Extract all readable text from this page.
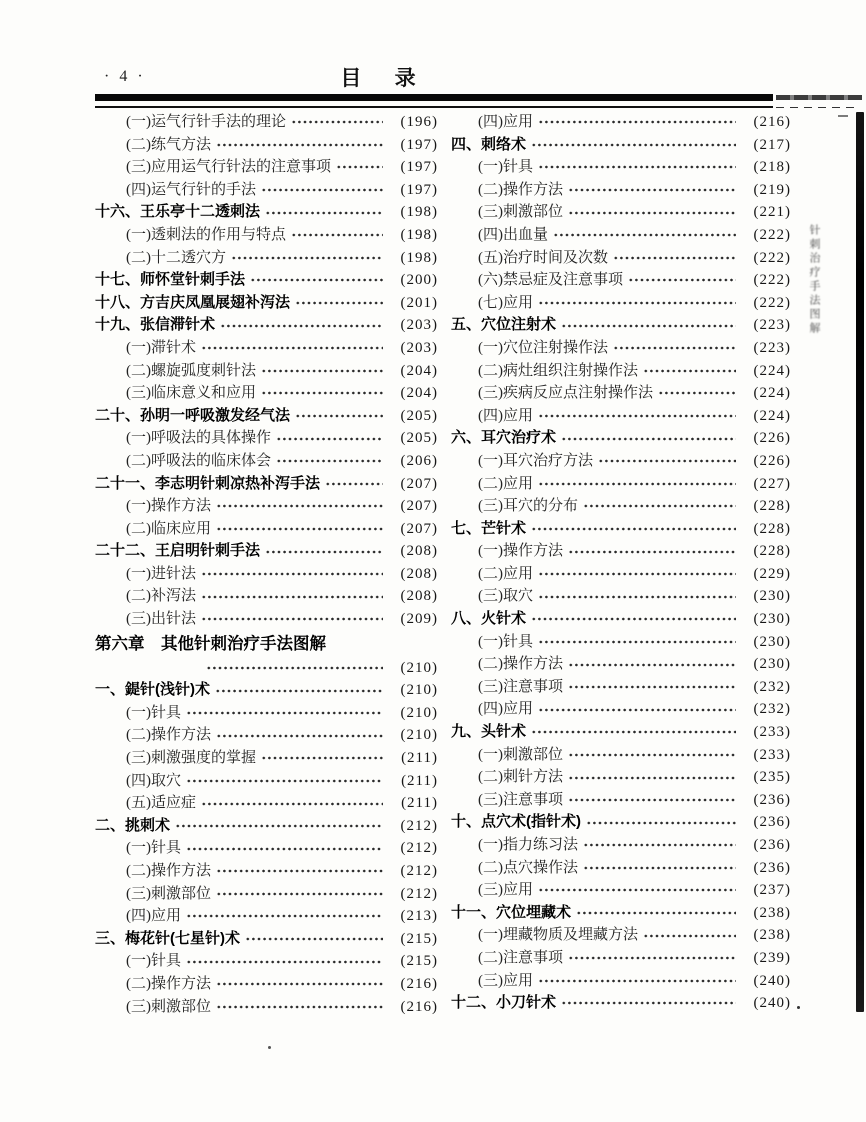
· 4 ·	目 录
(一)运气行针手法的理论	(196)
(二)练气方法	(197)
(三)应用运气行针法的注意事项	(197)
(四)运气行针的手法	(197)
十六、王乐亭十二透刺法	(198)
(一)透刺法的作用与特点	(198)
(二)十二透穴方	(198)
十七、师怀堂针刺手法	(200)
十八、方吉庆凤凰展翅补泻法	(201)
十九、张信滞针术	(203)
(一)滞针术	(203)
(二)螺旋弧度刺针法	(204)
(三)临床意义和应用	(204)
二十、孙明一呼吸激发经气法	(205)
(一)呼吸法的具体操作	(205)
(二)呼吸法的临床体会	(206)
二十一、李志明针刺凉热补泻手法	(207)
(一)操作方法	(207)
(二)临床应用	(207)
二十二、王启明针刺手法	(208)
(一)进针法	(208)
(二)补泻法	(208)
(三)出针法	(209)
第六章　其他针刺治疗手法图解
(210)
一、鍉针(浅针)术	(210)
(一)针具	(210)
(二)操作方法	(210)
(三)刺激强度的掌握	(211)
(四)取穴	(211)
(五)适应症	(211)
二、挑刺术	(212)
(一)针具	(212)
(二)操作方法	(212)
(三)刺激部位	(212)
(四)应用	(213)
三、梅花针(七星针)术	(215)
(一)针具	(215)
(二)操作方法	(216)
(三)刺激部位	(216)
(四)应用	(216)
四、刺络术	(217)
(一)针具	(218)
(二)操作方法	(219)
(三)刺激部位	(221)
(四)出血量	(222)
(五)治疗时间及次数	(222)
(六)禁忌症及注意事项	(222)
(七)应用	(222)
五、穴位注射术	(223)
(一)穴位注射操作法	(223)
(二)病灶组织注射操作法	(224)
(三)疾病反应点注射操作法	(224)
(四)应用	(224)
六、耳穴治疗术	(226)
(一)耳穴治疗方法	(226)
(二)应用	(227)
(三)耳穴的分布	(228)
七、芒针术	(228)
(一)操作方法	(228)
(二)应用	(229)
(三)取穴	(230)
八、火针术	(230)
(一)针具	(230)
(二)操作方法	(230)
(三)注意事项	(232)
(四)应用	(232)
九、头针术	(233)
(一)刺激部位	(233)
(二)刺针方法	(235)
(三)注意事项	(236)
十、点穴术(指针术)	(236)
(一)指力练习法	(236)
(二)点穴操作法	(236)
(三)应用	(237)
十一、穴位埋藏术	(238)
(一)埋藏物质及埋藏方法	(238)
(二)注意事项	(239)
(三)应用	(240)
十二、小刀针术	(240)
针刺治疗手法图解
